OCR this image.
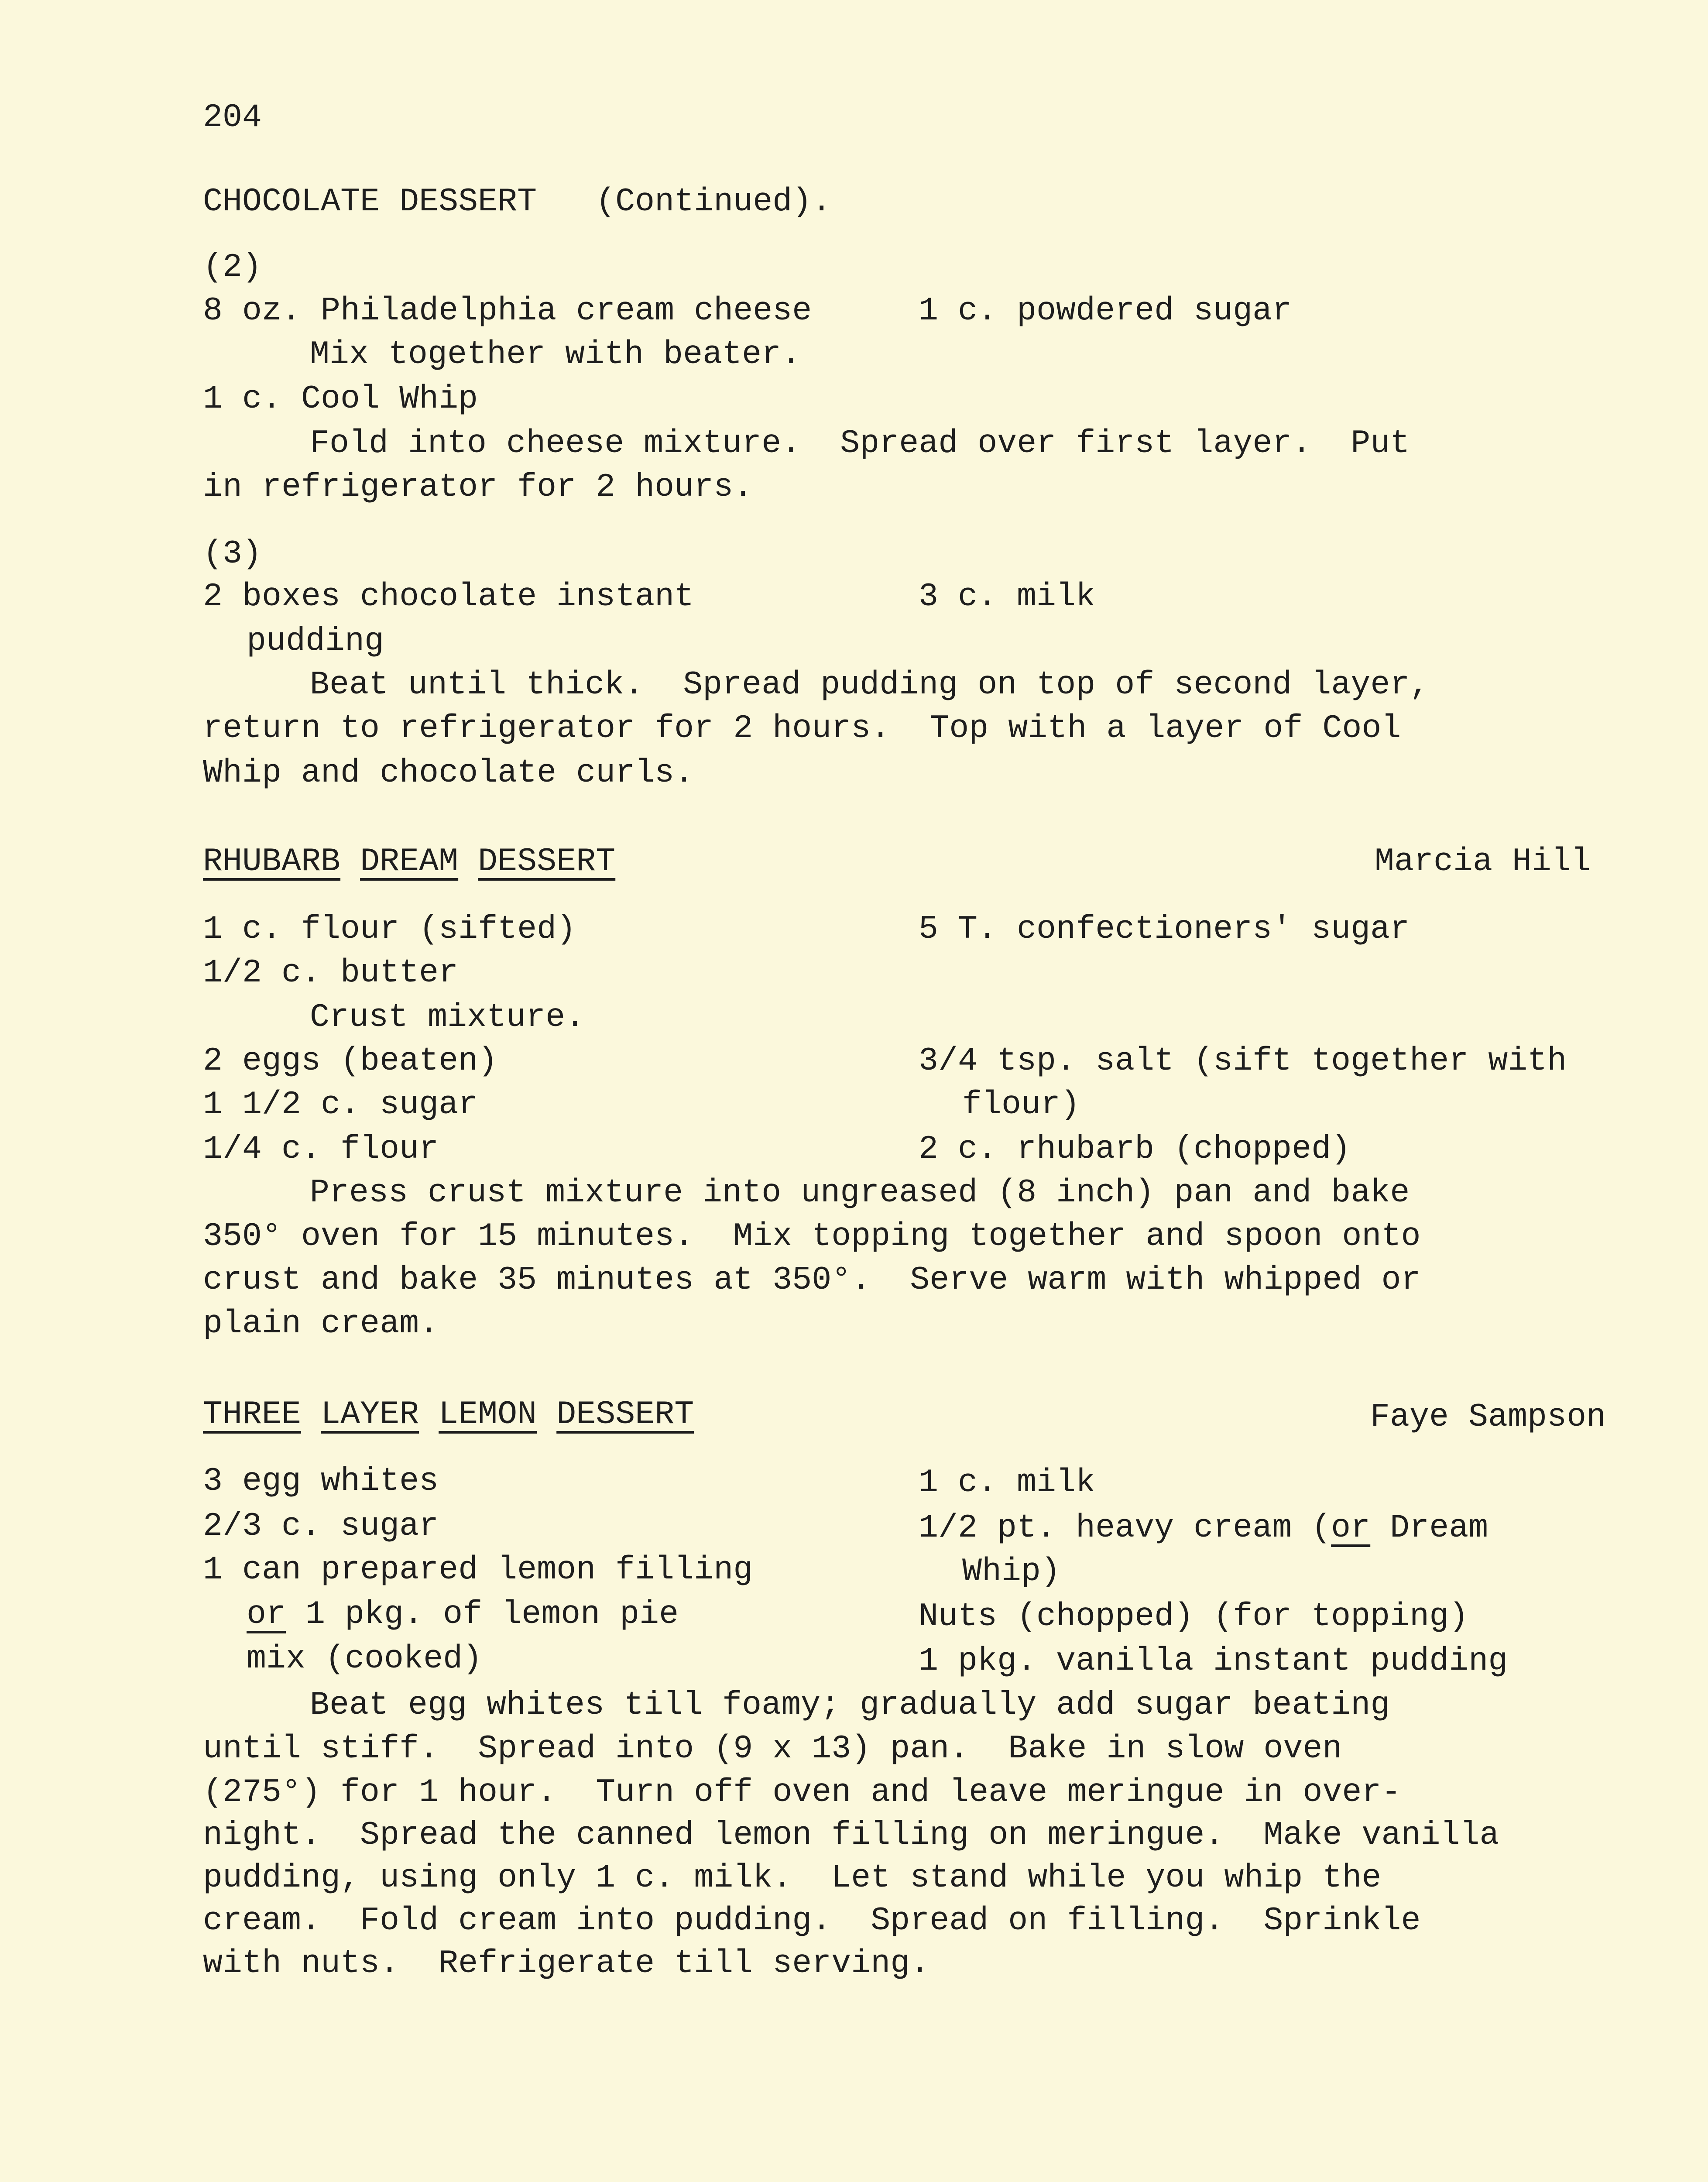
204
CHOCOLATE DESSERT   (Continued).
(2)
8 oz. Philadelphia cream cheese	1 c. powdered sugar
Mix together with beater.
1 c. Cool Whip
Fold into cheese mixture.  Spread over first layer.  Put
in refrigerator for 2 hours.
(3)
2 boxes chocolate instant	3 c. milk
pudding
Beat until thick.  Spread pudding on top of second layer,
return to refrigerator for 2 hours.  Top with a layer of Cool
Whip and chocolate curls.
RHUBARB DREAM DESSERT	Marcia Hill
1 c. flour (sifted)	5 T. confectioners' sugar
1/2 c. butter
Crust mixture.
2 eggs (beaten)	3/4 tsp. salt (sift together with
1 1/2 c. sugar	flour)
1/4 c. flour	2 c. rhubarb (chopped)
Press crust mixture into ungreased (8 inch) pan and bake
350° oven for 15 minutes.  Mix topping together and spoon onto
crust and bake 35 minutes at 350°.  Serve warm with whipped or
plain cream.
THREE LAYER LEMON DESSERT	Faye Sampson
3 egg whites	1 c. milk
2/3 c. sugar	1/2 pt. heavy cream (or Dream
1 can prepared lemon filling	Whip)
or 1 pkg. of lemon pie	Nuts (chopped) (for topping)
mix (cooked)	1 pkg. vanilla instant pudding
Beat egg whites till foamy; gradually add sugar beating
until stiff.  Spread into (9 x 13) pan.  Bake in slow oven
(275°) for 1 hour.  Turn off oven and leave meringue in over-
night.  Spread the canned lemon filling on meringue.  Make vanilla
pudding, using only 1 c. milk.  Let stand while you whip the
cream.  Fold cream into pudding.  Spread on filling.  Sprinkle
with nuts.  Refrigerate till serving.
